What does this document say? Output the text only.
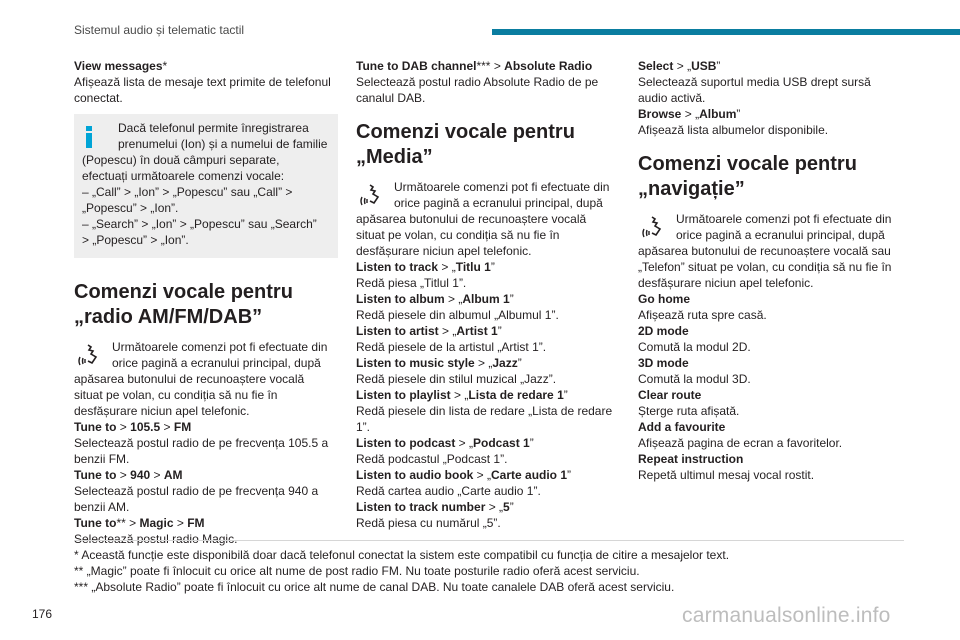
Sistemul audio și telematic tactil
View messages*
Afișează lista de mesaje text primite de telefonul
conectat.
Dacă telefonul permite înregistrarea
prenumelui (Ion) și a numelui de familie
(Popescu) în două câmpuri separate,
efectuați următoarele comenzi vocale:
– „Call” > „Ion” > „Popescu” sau „Call” >
„Popescu” > „Ion”.
– „Search” > „Ion” > „Popescu” sau „Search”
> „Popescu” > „Ion”.
Comenzi vocale pentru
„radio AM/FM/DAB”
Următoarele comenzi pot fi efectuate din
orice pagină a ecranului principal, după
apăsarea butonului de recunoaștere vocală
situat pe volan, cu condiția să nu fie în
desfășurare niciun apel telefonic.
Tune to > 105.5 > FM
Selectează postul radio de pe frecvența 105.5 a
benzii FM.
Tune to > 940 > AM
Selectează postul radio de pe frecvența 940 a
benzii AM.
Tune to** > Magic > FM
Selectează postul radio Magic.
Tune to DAB channel*** > Absolute Radio
Selectează postul radio Absolute Radio de pe
canalul DAB.
Comenzi vocale pentru
„Media”
Următoarele comenzi pot fi efectuate din
orice pagină a ecranului principal, după
apăsarea butonului de recunoaștere vocală
situat pe volan, cu condiția să nu fie în
desfășurare niciun apel telefonic.
Listen to track > „Titlu 1”
Redă piesa „Titlul 1”.
Listen to album > „Album 1”
Redă piesele din albumul „Albumul 1”.
Listen to artist > „Artist 1”
Redă piesele de la artistul „Artist 1”.
Listen to music style > „Jazz”
Redă piesele din stilul muzical „Jazz”.
Listen to playlist > „Lista de redare 1”
Redă piesele din lista de redare „Lista de redare
1”.
Listen to podcast > „Podcast 1”
Redă podcastul „Podcast 1”.
Listen to audio book > „Carte audio 1”
Redă cartea audio „Carte audio 1”.
Listen to track number > „5”
Redă piesa cu numărul „5”.
Select > „USB”
Selectează suportul media USB drept sursă
audio activă.
Browse > „Album”
Afișează lista albumelor disponibile.
Comenzi vocale pentru
„navigație”
Următoarele comenzi pot fi efectuate din
orice pagină a ecranului principal, după
apăsarea butonului de recunoaștere vocală sau
„Telefon” situat pe volan, cu condiția să nu fie în
desfășurare niciun apel telefonic.
Go home
Afișează ruta spre casă.
2D mode
Comută la modul 2D.
3D mode
Comută la modul 3D.
Clear route
Șterge ruta afișată.
Add a favourite
Afișează pagina de ecran a favoritelor.
Repeat instruction
Repetă ultimul mesaj vocal rostit.
* Această funcție este disponibilă doar dacă telefonul conectat la sistem este compatibil cu funcția de citire a mesajelor text.
** „Magic” poate fi înlocuit cu orice alt nume de post radio FM. Nu toate posturile radio oferă acest serviciu.
*** „Absolute Radio” poate fi înlocuit cu orice alt nume de canal DAB. Nu toate canalele DAB oferă acest serviciu.
176	carmanualsonline.info
